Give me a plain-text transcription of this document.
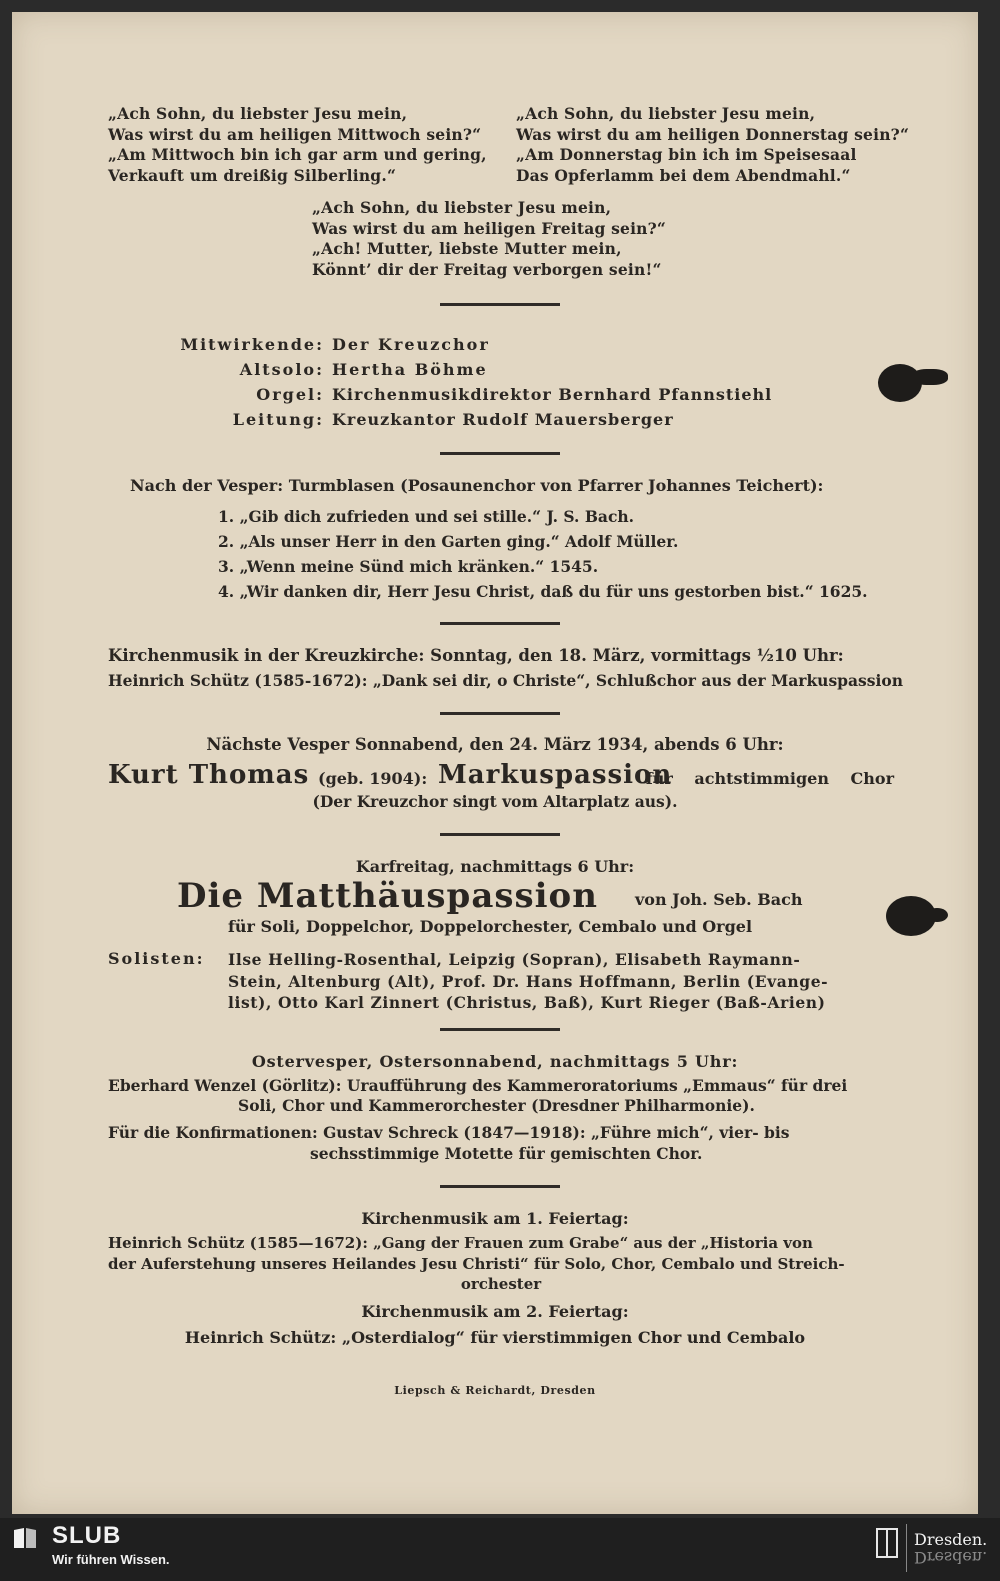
„Ach Sohn, du liebster Jesu mein,
Was wirst du am heiligen Mittwoch sein?“
„Am Mittwoch bin ich gar arm und gering,
Verkauft um dreißig Silberling.“
„Ach Sohn, du liebster Jesu mein,
Was wirst du am heiligen Donnerstag sein?“
„Am Donnerstag bin ich im Speisesaal
Das Opferlamm bei dem Abendmahl.“
„Ach Sohn, du liebster Jesu mein,
Was wirst du am heiligen Freitag sein?“
„Ach! Mutter, liebste Mutter mein,
Könnt’ dir der Freitag verborgen sein!“
Mitwirkende: Der Kreuzchor
Altsolo: Hertha Böhme
Orgel: Kirchenmusikdirektor Bernhard Pfannstiehl
Leitung: Kreuzkantor Rudolf Mauersberger
Nach der Vesper: Turmblasen (Posaunenchor von Pfarrer Johannes Teichert):
1. „Gib dich zufrieden und sei stille.“ J. S. Bach.
2. „Als unser Herr in den Garten ging.“ Adolf Müller.
3. „Wenn meine Sünd mich kränken.“ 1545.
4. „Wir danken dir, Herr Jesu Christ, daß du für uns gestorben bist.“ 1625.
Kirchenmusik in der Kreuzkirche: Sonntag, den 18. März, vormittags ½10 Uhr:
Heinrich Schütz (1585-1672): „Dank sei dir, o Christe“, Schlußchor aus der Markuspassion
Nächste Vesper Sonnabend, den 24. März 1934, abends 6 Uhr:
Kurt Thomas (geb. 1904): Markuspassion
für achtstimmigen Chor
(Der Kreuzchor singt vom Altarplatz aus).
Karfreitag, nachmittags 6 Uhr:
Die Matthäuspassion von Joh. Seb. Bach
für Soli, Doppelchor, Doppelorchester, Cembalo und Orgel
Solisten: Ilse Helling-Rosenthal, Leipzig (Sopran), Elisabeth Raymann-
Stein, Altenburg (Alt), Prof. Dr. Hans Hoffmann, Berlin (Evange-
list), Otto Karl Zinnert (Christus, Baß), Kurt Rieger (Baß-Arien)
Ostervesper, Ostersonnabend, nachmittags 5 Uhr:
Eberhard Wenzel (Görlitz): Uraufführung des Kammeroratoriums „Emmaus“ für drei
Soli, Chor und Kammerorchester (Dresdner Philharmonie).
Für die Konfirmationen: Gustav Schreck (1847—1918): „Führe mich“, vier- bis
sechsstimmige Motette für gemischten Chor.
Kirchenmusik am 1. Feiertag:
Heinrich Schütz (1585—1672): „Gang der Frauen zum Grabe“ aus der „Historia von
der Auferstehung unseres Heilandes Jesu Christi“ für Solo, Chor, Cembalo und Streich-
orchester
Kirchenmusik am 2. Feiertag:
Heinrich Schütz: „Osterdialog“ für vierstimmigen Chor und Cembalo
Liepsch & Reichardt, Dresden
SLUB
Wir führen Wissen.
Dresden.
Dresden.
